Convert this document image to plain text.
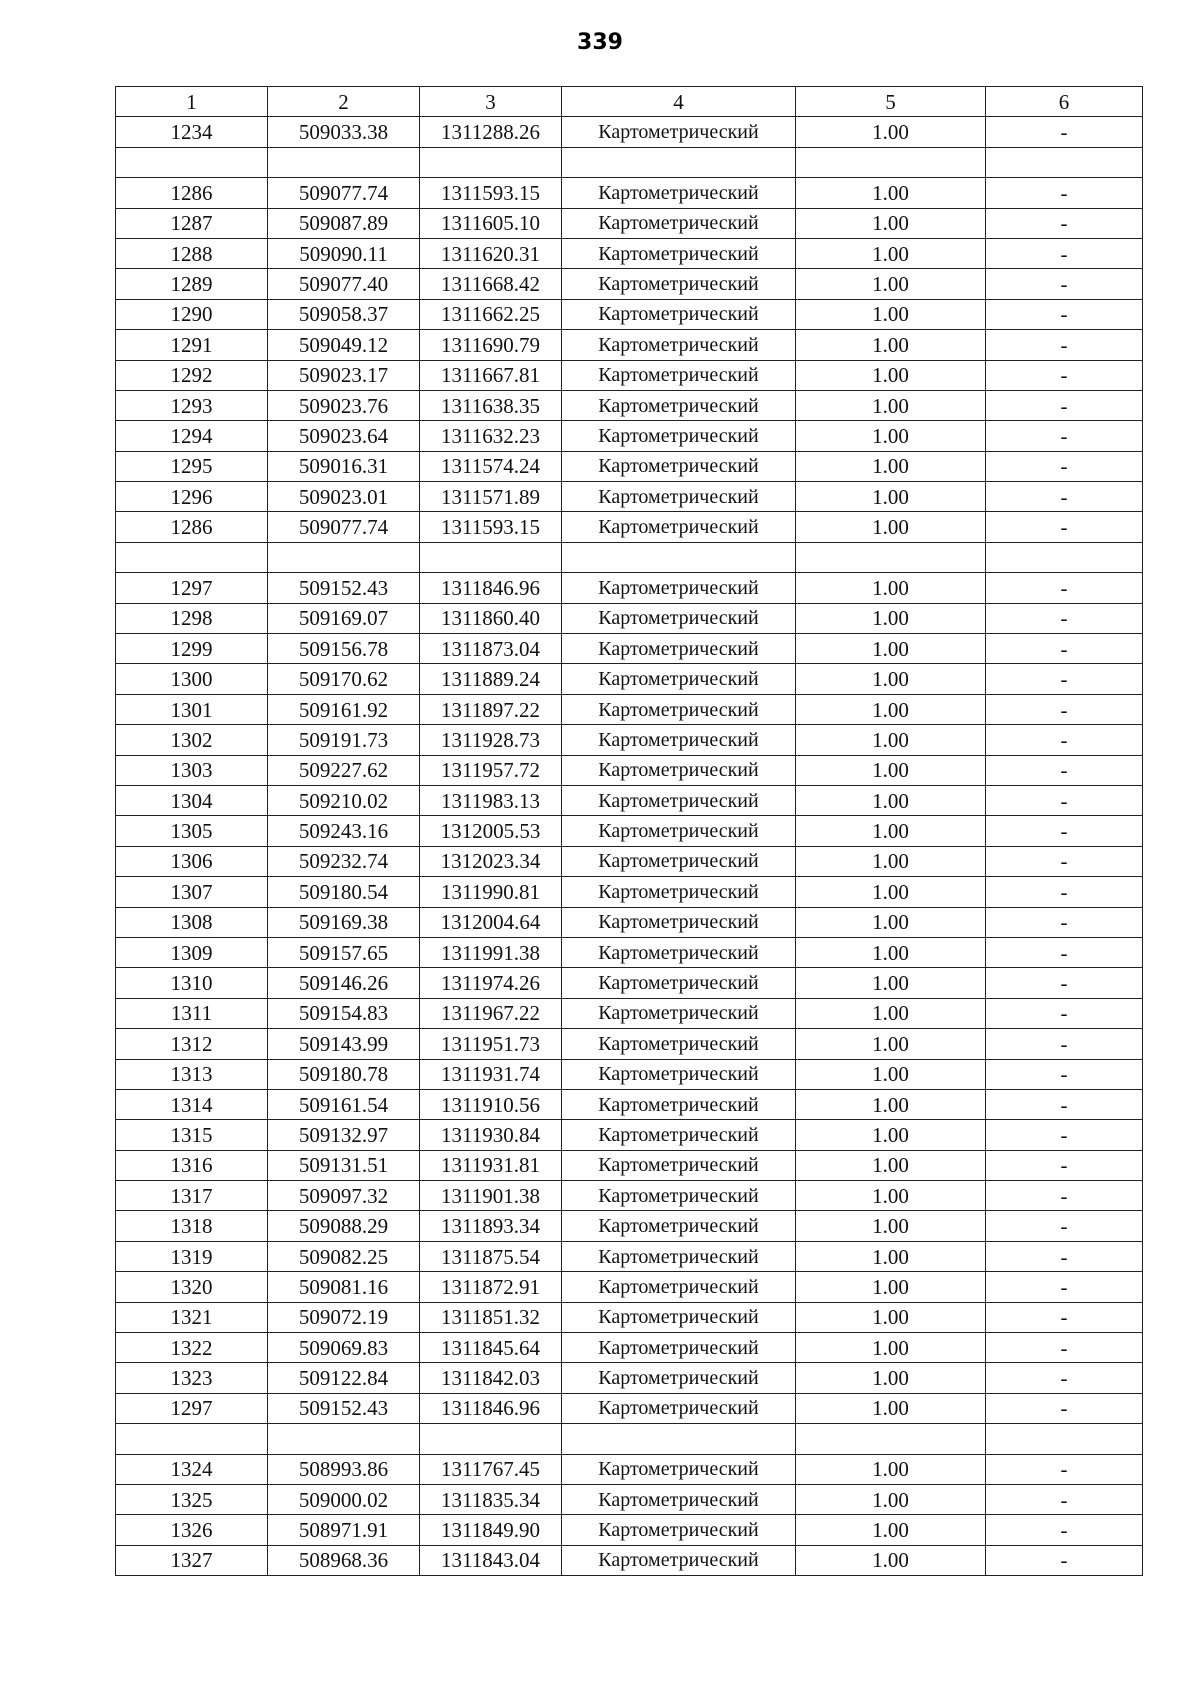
339
1	2	3	4	5	6
1234	509033.38	1311288.26	Картометрический	1.00	-

1286	509077.74	1311593.15	Картометрический	1.00	-
1287	509087.89	1311605.10	Картометрический	1.00	-
1288	509090.11	1311620.31	Картометрический	1.00	-
1289	509077.40	1311668.42	Картометрический	1.00	-
1290	509058.37	1311662.25	Картометрический	1.00	-
1291	509049.12	1311690.79	Картометрический	1.00	-
1292	509023.17	1311667.81	Картометрический	1.00	-
1293	509023.76	1311638.35	Картометрический	1.00	-
1294	509023.64	1311632.23	Картометрический	1.00	-
1295	509016.31	1311574.24	Картометрический	1.00	-
1296	509023.01	1311571.89	Картометрический	1.00	-
1286	509077.74	1311593.15	Картометрический	1.00	-

1297	509152.43	1311846.96	Картометрический	1.00	-
1298	509169.07	1311860.40	Картометрический	1.00	-
1299	509156.78	1311873.04	Картометрический	1.00	-
1300	509170.62	1311889.24	Картометрический	1.00	-
1301	509161.92	1311897.22	Картометрический	1.00	-
1302	509191.73	1311928.73	Картометрический	1.00	-
1303	509227.62	1311957.72	Картометрический	1.00	-
1304	509210.02	1311983.13	Картометрический	1.00	-
1305	509243.16	1312005.53	Картометрический	1.00	-
1306	509232.74	1312023.34	Картометрический	1.00	-
1307	509180.54	1311990.81	Картометрический	1.00	-
1308	509169.38	1312004.64	Картометрический	1.00	-
1309	509157.65	1311991.38	Картометрический	1.00	-
1310	509146.26	1311974.26	Картометрический	1.00	-
1311	509154.83	1311967.22	Картометрический	1.00	-
1312	509143.99	1311951.73	Картометрический	1.00	-
1313	509180.78	1311931.74	Картометрический	1.00	-
1314	509161.54	1311910.56	Картометрический	1.00	-
1315	509132.97	1311930.84	Картометрический	1.00	-
1316	509131.51	1311931.81	Картометрический	1.00	-
1317	509097.32	1311901.38	Картометрический	1.00	-
1318	509088.29	1311893.34	Картометрический	1.00	-
1319	509082.25	1311875.54	Картометрический	1.00	-
1320	509081.16	1311872.91	Картометрический	1.00	-
1321	509072.19	1311851.32	Картометрический	1.00	-
1322	509069.83	1311845.64	Картометрический	1.00	-
1323	509122.84	1311842.03	Картометрический	1.00	-
1297	509152.43	1311846.96	Картометрический	1.00	-

1324	508993.86	1311767.45	Картометрический	1.00	-
1325	509000.02	1311835.34	Картометрический	1.00	-
1326	508971.91	1311849.90	Картометрический	1.00	-
1327	508968.36	1311843.04	Картометрический	1.00	-
